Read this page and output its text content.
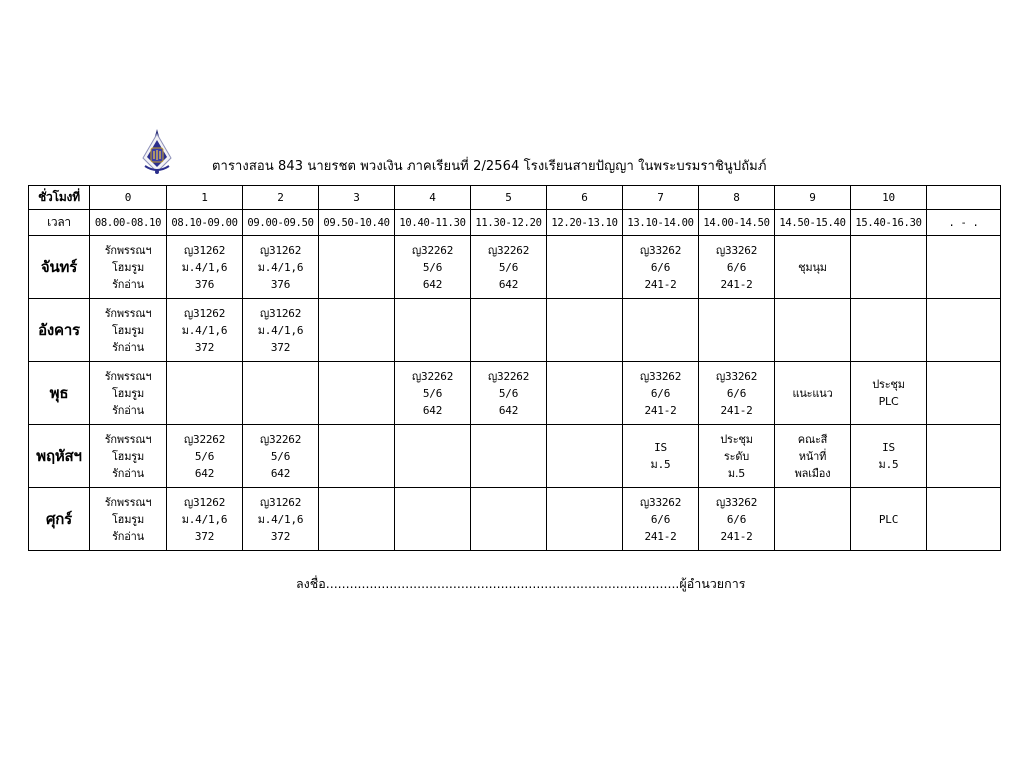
ตารางสอน 843 นายรชต พวงเงิน ภาคเรียนที่ 2/2564 โรงเรียนสายปัญญา ในพระบรมราชินูปถัมภ์
ชั่วโมงที่	0	1	2	3	4	5	6	7	8	9	10	
เวลา	08.00-08.10	08.10-09.00	09.00-09.50	09.50-10.40	10.40-11.30	11.30-12.20	12.20-13.10	13.10-14.00	14.00-14.50	14.50-15.40	15.40-16.30	. - .
จันทร์	รักพรรณฯ
โฮมรูม
รักอ่าน	ญ31262
ม.4/1,6
376	ญ31262
ม.4/1,6
376		ญ32262
5/6
642	ญ32262
5/6
642		ญ33262
6/6
241-2	ญ33262
6/6
241-2	ชุมนุม		

อังคาร	รักพรรณฯ
โฮมรูม
รักอ่าน	ญ31262
ม.4/1,6
372	ญ31262
ม.4/1,6
372									

พุธ	รักพรรณฯ
โฮมรูม
รักอ่าน				ญ32262
5/6
642	ญ32262
5/6
642		ญ33262
6/6
241-2	ญ33262
6/6
241-2	แนะแนว	ประชุม
PLC	

พฤหัสฯ	รักพรรณฯ
โฮมรูม
รักอ่าน	ญ32262
5/6
642	ญ32262
5/6
642					IS
ม.5	ประชุม
ระดับ
ม.5	คณะสี
หน้าที่
พลเมือง	IS
ม.5	

ศุกร์	รักพรรณฯ
โฮมรูม
รักอ่าน	ญ31262
ม.4/1,6
372	ญ31262
ม.4/1,6
372					ญ33262
6/6
241-2	ญ33262
6/6
241-2		PLC	

ลงชื่อ.........................................................................................ผู้อำนวยการ
